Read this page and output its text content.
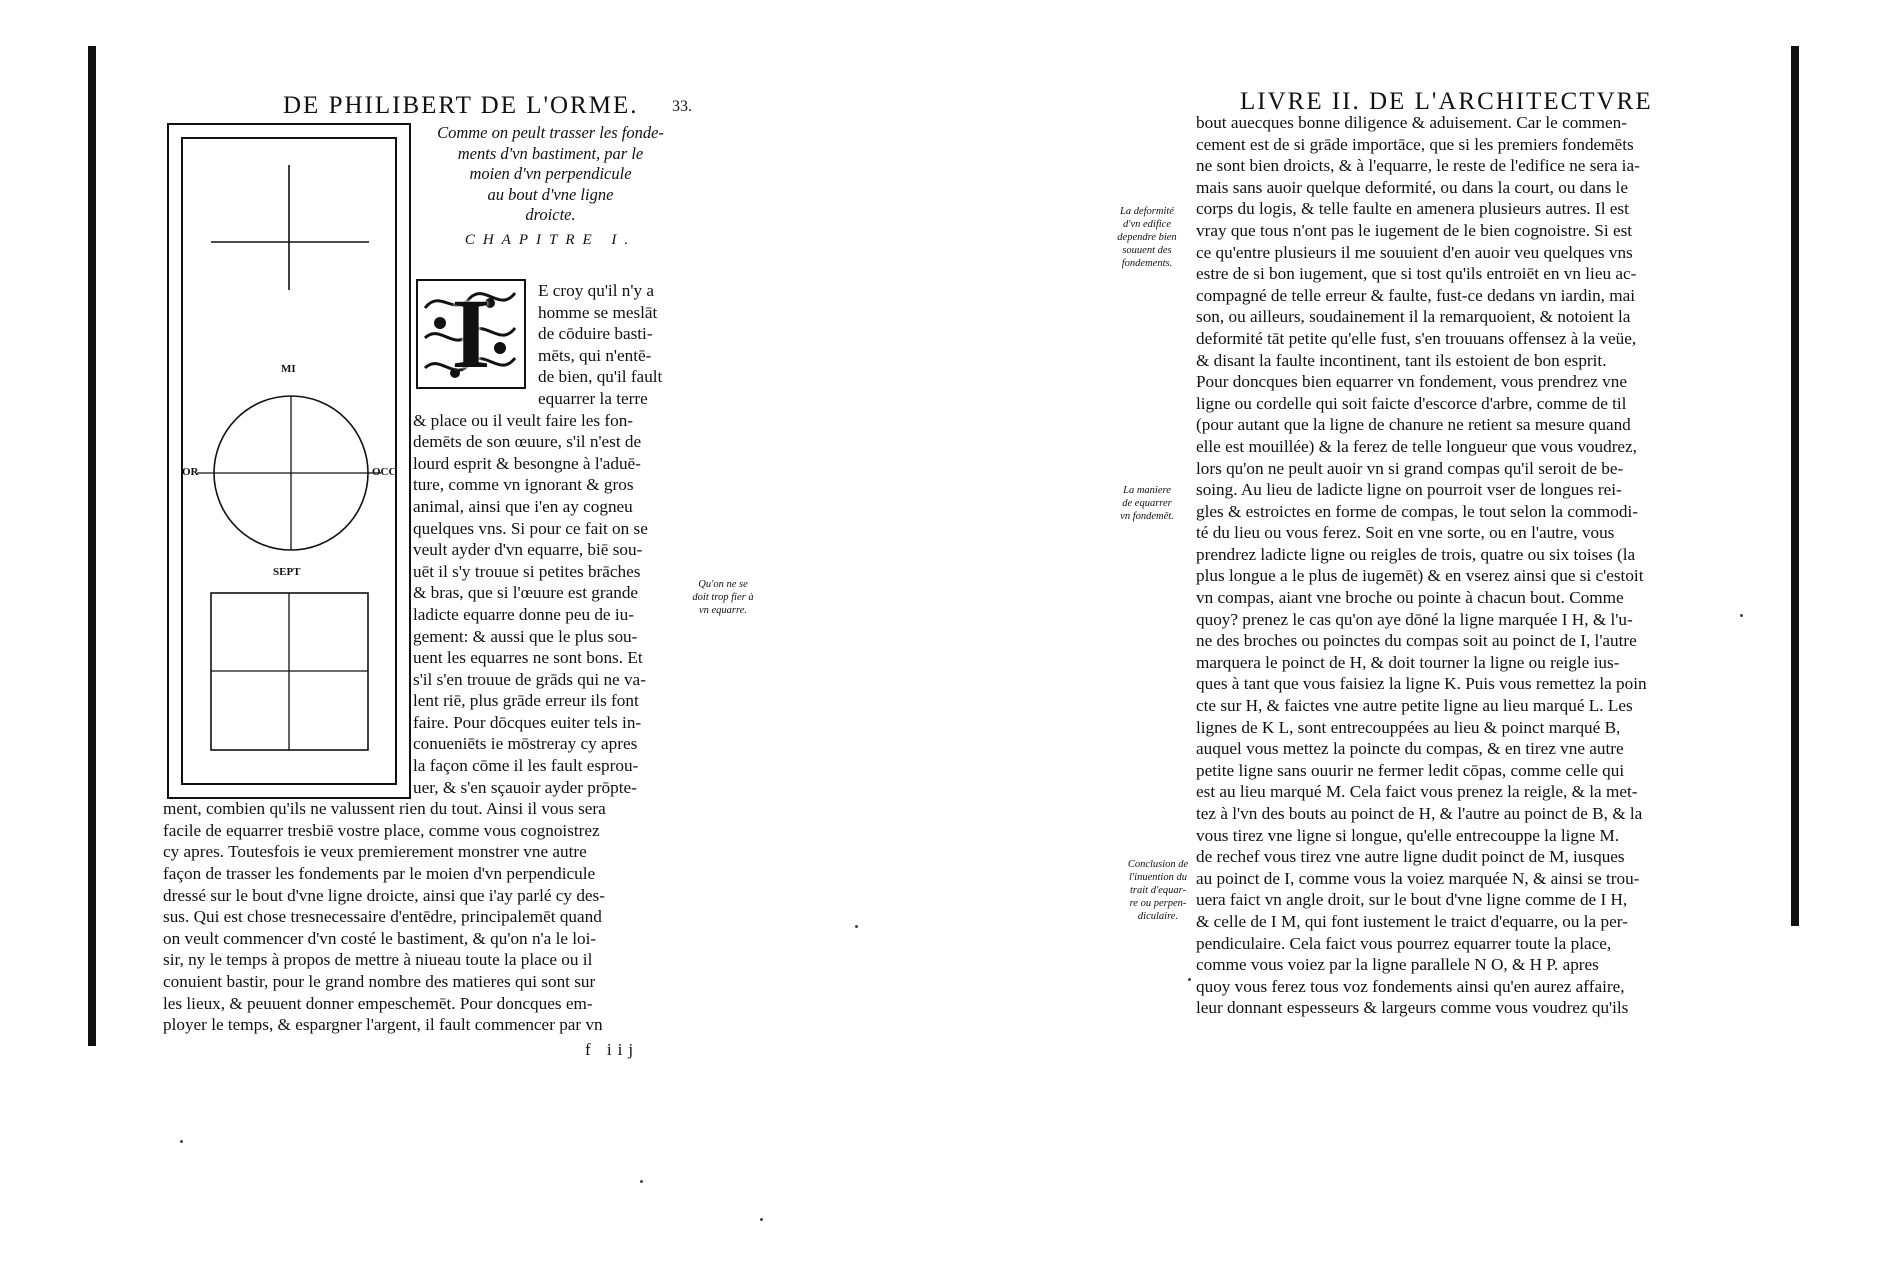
DE PHILIBERT DE L'ORME. 33.
MI
OR	OCC
SEPT
Comme on peult trasser les fonde-
ments d'vn bastiment, par le
moien d'vn perpendicule
au bout d'vne ligne
droicte.
CHAPITRE I.
I	E croy qu'il n'y a
homme se meslāt
de cōduire basti-
mēts, qui n'entē-
de bien, qu'il fault
equarrer la terre
& place ou il veult faire les fon-
demēts de son œuure, s'il n'est de
lourd esprit & besongne à l'aduē-
ture, comme vn ignorant & gros
animal, ainsi que i'en ay cogneu
quelques vns. Si pour ce fait on se
veult ayder d'vn equarre, biē sou-
uēt il s'y trouue si petites brāches
& bras, que si l'œuure est grande
ladicte equarre donne peu de iu-
gement: & aussi que le plus sou-
uent les equarres ne sont bons. Et
s'il s'en trouue de grāds qui ne va-
lent riē, plus grāde erreur ils font
faire. Pour dōcques euiter tels in-
conueniēts ie mōstreray cy apres
la façon cōme il les fault esprou-
uer, & s'en sçauoir ayder prōpte-
ment, combien qu'ils ne valussent rien du tout. Ainsi il vous sera
facile de equarrer tresbiē vostre place, comme vous cognoistrez
cy apres. Toutesfois ie veux premierement monstrer vne autre
façon de trasser les fondements par le moien d'vn perpendicule
dressé sur le bout d'vne ligne droicte, ainsi que i'ay parlé cy des-
sus. Qui est chose tresnecessaire d'entēdre, principalemēt quand
on veult commencer d'vn costé le bastiment, & qu'on n'a le loi-
sir, ny le temps à propos de mettre à niueau toute la place ou il
conuient bastir, pour le grand nombre des matieres qui sont sur
les lieux, & peuuent donner empeschemēt. Pour doncques em-
ployer le temps, & espargner l'argent, il fault commencer par vn
f iij
Qu'on ne se
doit trop fier à
vn equarre.
LIVRE II. DE L'ARCHITECTVRE
bout auecques bonne diligence & aduisement. Car le commen-
cement est de si grāde importāce, que si les premiers fondemēts
ne sont bien droicts, & à l'equarre, le reste de l'edifice ne sera ia-
mais sans auoir quelque deformité, ou dans la court, ou dans le
corps du logis, & telle faulte en amenera plusieurs autres. Il est
vray que tous n'ont pas le iugement de le bien cognoistre. Si est
ce qu'entre plusieurs il me souuient d'en auoir veu quelques vns
estre de si bon iugement, que si tost qu'ils entroiēt en vn lieu ac-
compagné de telle erreur & faulte, fust-ce dedans vn iardin, mai
son, ou ailleurs, soudainement il la remarquoient, & notoient la
deformité tāt petite qu'elle fust, s'en trouuans offensez à la veüe,
& disant la faulte incontinent, tant ils estoient de bon esprit.
Pour doncques bien equarrer vn fondement, vous prendrez vne
ligne ou cordelle qui soit faicte d'escorce d'arbre, comme de til
(pour autant que la ligne de chanure ne retient sa mesure quand
elle est mouillée) & la ferez de telle longueur que vous voudrez,
lors qu'on ne peult auoir vn si grand compas qu'il seroit de be-
soing. Au lieu de ladicte ligne on pourroit vser de longues rei-
gles & estroictes en forme de compas, le tout selon la commodi-
té du lieu ou vous ferez. Soit en vne sorte, ou en l'autre, vous
prendrez ladicte ligne ou reigles de trois, quatre ou six toises (la
plus longue a le plus de iugemēt) & en vserez ainsi que si c'estoit
vn compas, aiant vne broche ou pointe à chacun bout. Comme
quoy? prenez le cas qu'on aye dōné la ligne marquée I H, & l'u-
ne des broches ou poinctes du compas soit au poinct de I, l'autre
marquera le poinct de H, & doit tourner la ligne ou reigle ius-
ques à tant que vous faisiez la ligne K. Puis vous remettez la poin
cte sur H, & faictes vne autre petite ligne au lieu marqué L. Les
lignes de K L, sont entrecouppées au lieu & poinct marqué B,
auquel vous mettez la poincte du compas, & en tirez vne autre
petite ligne sans ouurir ne fermer ledit cōpas, comme celle qui
est au lieu marqué M. Cela faict vous prenez la reigle, & la met-
tez à l'vn des bouts au poinct de H, & l'autre au poinct de B, & la
vous tirez vne ligne si longue, qu'elle entrecouppe la ligne M.
de rechef vous tirez vne autre ligne dudit poinct de M, iusques
au poinct de I, comme vous la voiez marquée N, & ainsi se trou-
uera faict vn angle droit, sur le bout d'vne ligne comme de I H,
& celle de I M, qui font iustement le traict d'equarre, ou la per-
pendiculaire. Cela faict vous pourrez equarrer toute la place,
comme vous voiez par la ligne parallele N O, & H P. apres
quoy vous ferez tous voz fondements ainsi qu'en aurez affaire,
leur donnant espesseurs & largeurs comme vous voudrez qu'ils
La deformité
d'vn edifice
dependre bien
souuent des
fondements.
La maniere
de equarrer
vn fondemēt.
Conclusion de
l'inuention du
trait d'equar-
re ou perpen-
diculaire.
